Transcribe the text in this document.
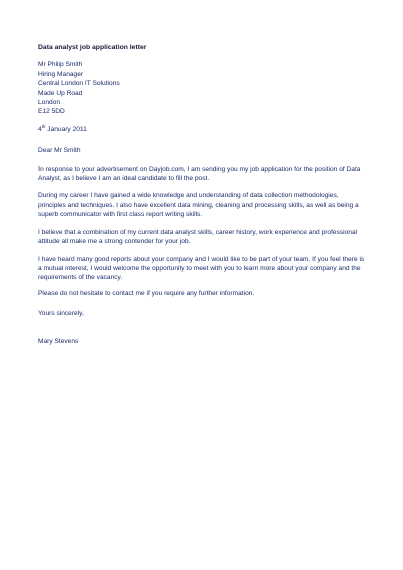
Data analyst job application letter
Mr Philip Smith
Hiring Manager
Central London IT Solutions
Made Up Road
London
E12 5DD
4th January 2011
Dear Mr Smith
In response to your advertisement on Dayjob.com, I am sending you my job application for the position of Data Analyst, as I believe I am an ideal candidate to fill the post.
During my career I have gained a wide knowledge and understanding of data collection methodologies, principles and techniques. I also have excellent data mining, cleaning and processing skills, as well as being a superb communicator with first class report writing skills.
I believe that a combination of my current data analyst skills, career history, work experience and professional attitude all make me a strong contender for your job.
I have heard many good reports about your company and I would like to be part of your team. If you feel there is a mutual interest, I would welcome the opportunity to meet with you to learn more about your company and the requirements of the vacancy.
Please do not hesitate to contact me if you require any further information.
Yours sincerely,
Mary Stevens
